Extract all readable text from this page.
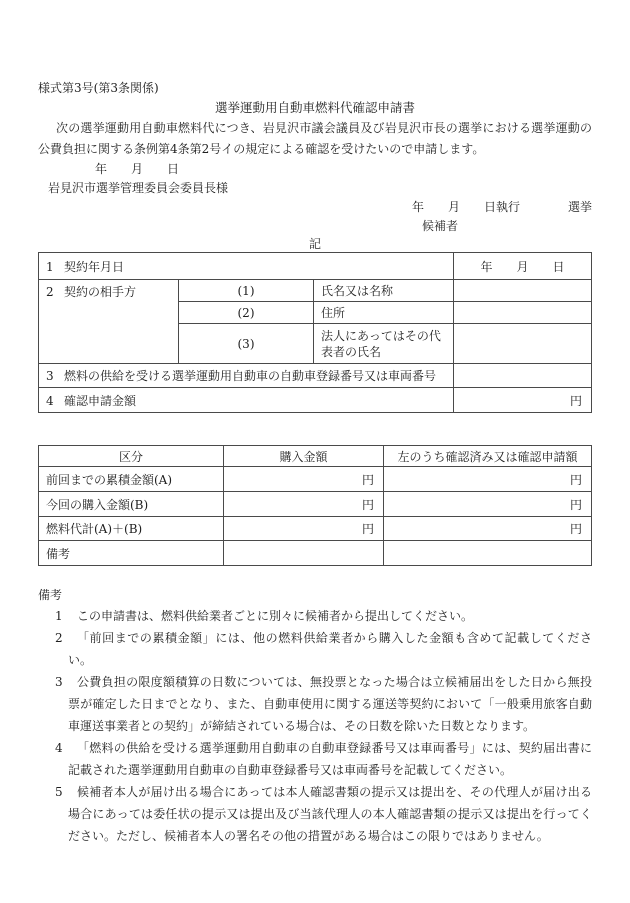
様式第3号(第3条関係)
選挙運動用自動車燃料代確認申請書
次の選挙運動用自動車燃料代につき、岩見沢市議会議員及び岩見沢市長の選挙における選挙運動の公費負担に関する条例第4条第2号イの規定による確認を受けたいので申請します。
年　　月　　日
岩見沢市選挙管理委員会委員長様
年　　月　　日執行　　　　選挙
候補者
記
1 契約年月日			年　　月　　日
2 契約の相手方	(1)	氏名又は名称	
	(2)	住所	
	(3)	法人にあってはその代表者の氏名	
3 燃料の供給を受ける選挙運動用自動車の自動車登録番号又は車両番号			
4 確認申請金額			円
区分	購入金額	左のうち確認済み又は確認申請額
前回までの累積金額(A)	円	円
今回の購入金額(B)	円	円
燃料代計(A)＋(B)	円	円
備考		
備考
1 この申請書は、燃料供給業者ごとに別々に候補者から提出してください。
2 「前回までの累積金額」には、他の燃料供給業者から購入した金額も含めて記載してください。
3 公費負担の限度額積算の日数については、無投票となった場合は立候補届出をした日から無投票が確定した日までとなり、また、自動車使用に関する運送等契約において「一般乗用旅客自動車運送事業者との契約」が締結されている場合は、その日数を除いた日数となります。
4 「燃料の供給を受ける選挙運動用自動車の自動車登録番号又は車両番号」には、契約届出書に記載された選挙運動用自動車の自動車登録番号又は車両番号を記載してください。
5 候補者本人が届け出る場合にあっては本人確認書類の提示又は提出を、その代理人が届け出る場合にあっては委任状の提示又は提出及び当該代理人の本人確認書類の提示又は提出を行ってください。ただし、候補者本人の署名その他の措置がある場合はこの限りではありません。
